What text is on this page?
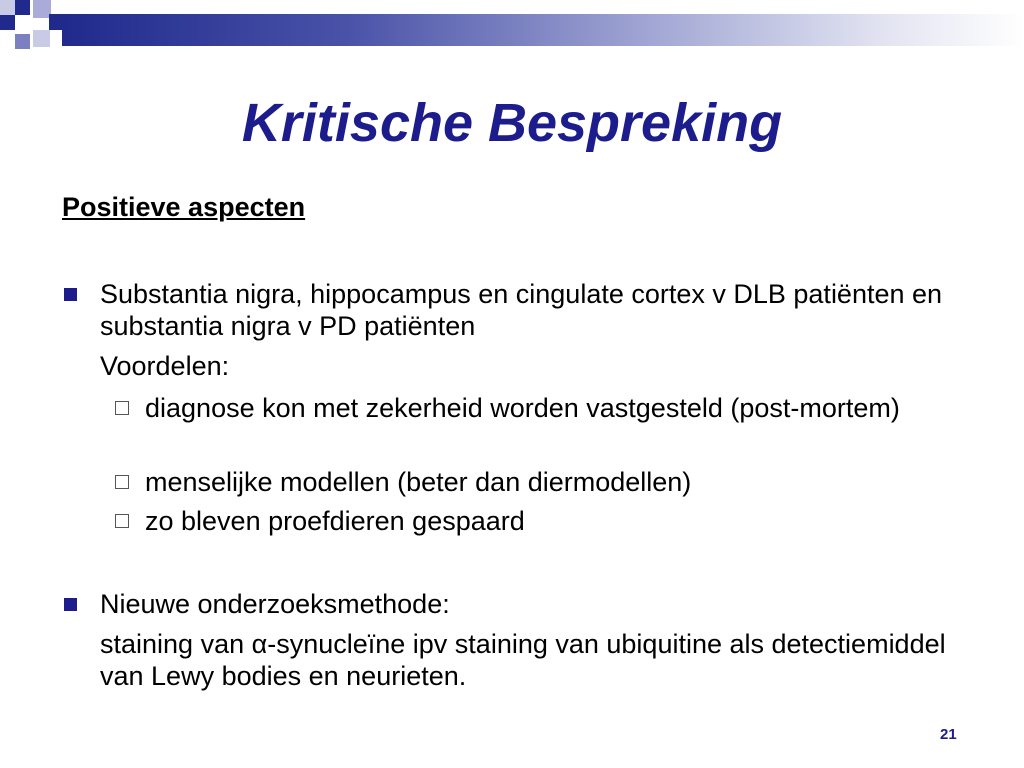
Kritische Bespreking
Positieve aspecten
Substantia nigra, hippocampus en cingulate cortex v DLB patiënten en substantia nigra v PD patiënten
Voordelen:
diagnose kon met zekerheid worden vastgesteld (post-mortem)
menselijke modellen (beter dan diermodellen)
zo bleven proefdieren gespaard
Nieuwe onderzoeksmethode:
staining van α-synucleïne ipv staining van ubiquitine als detectiemiddel van Lewy bodies en neurieten.
21
